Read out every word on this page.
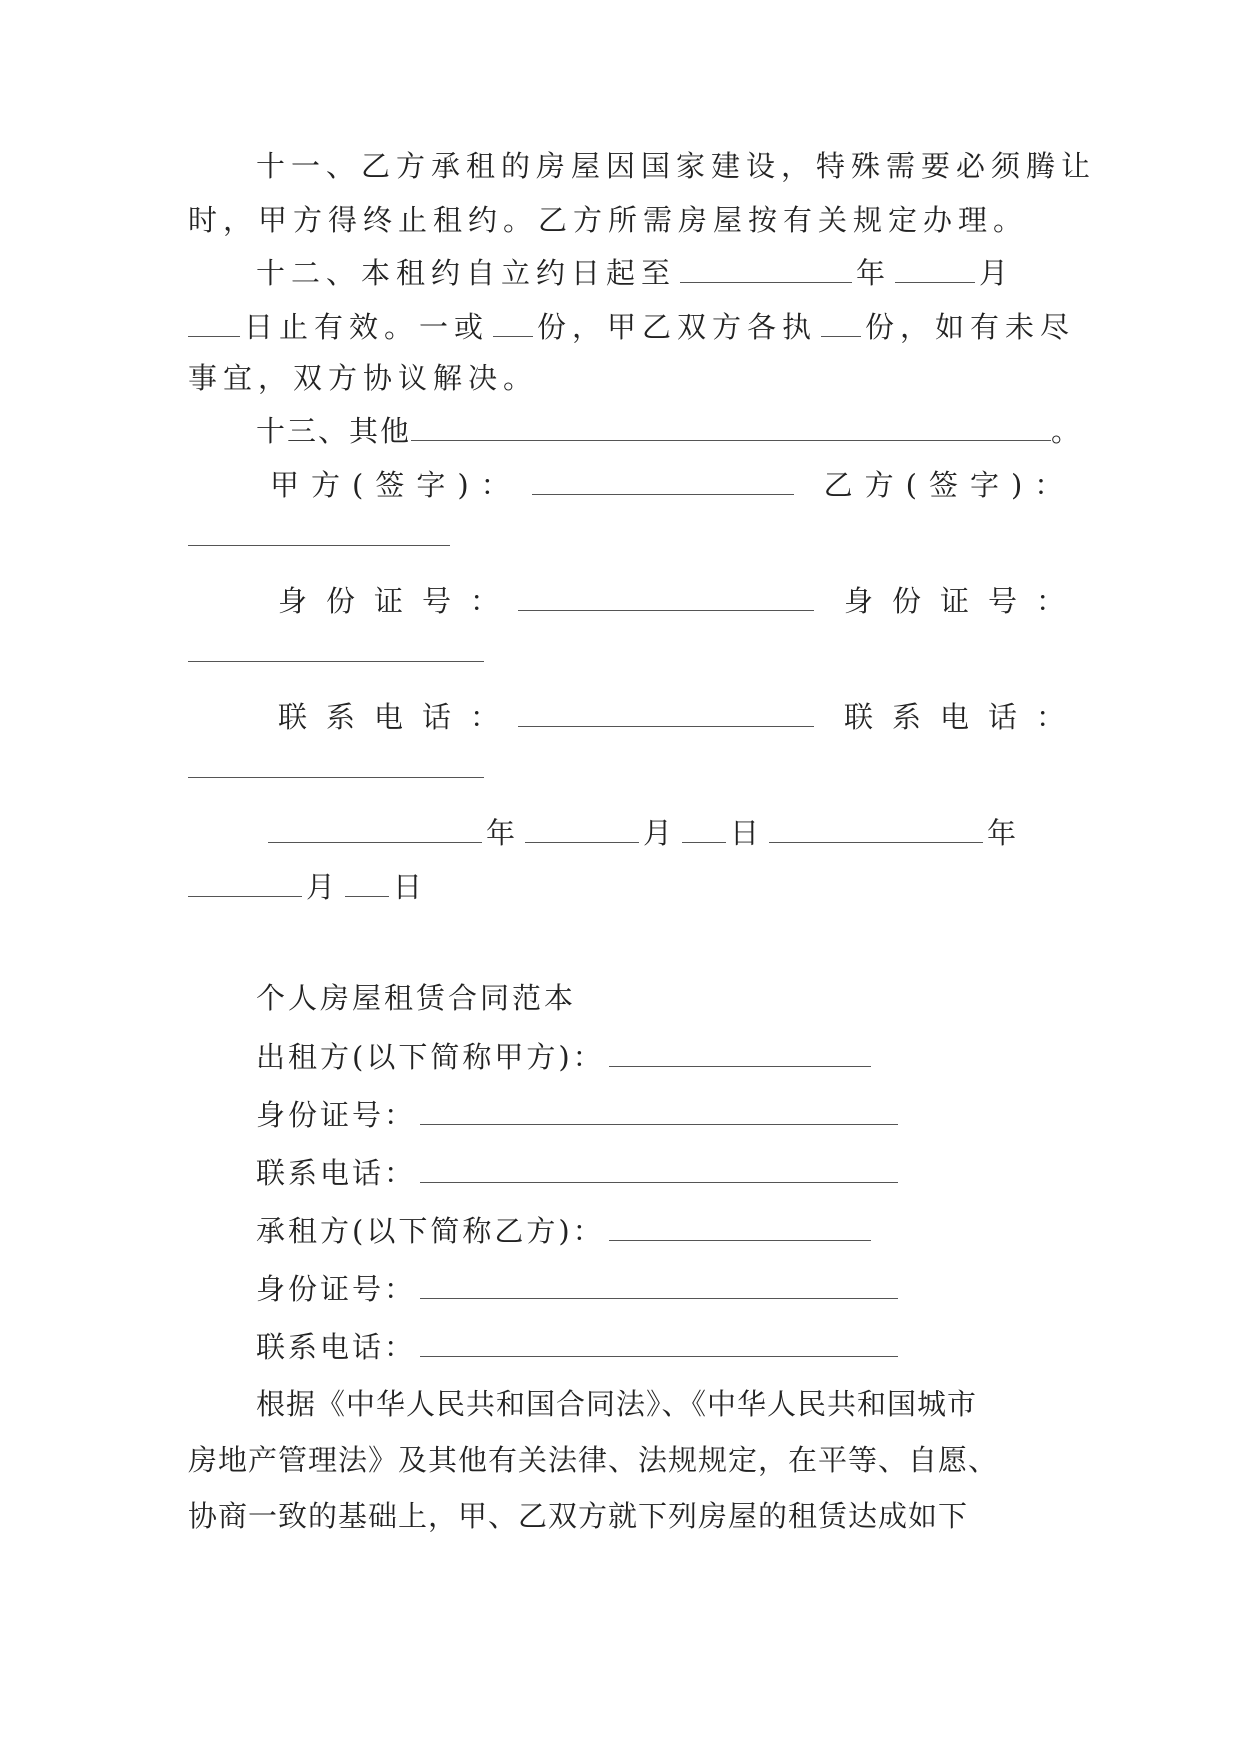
十一、乙方承租的房屋因国家建设，特殊需要必须腾让
时，甲方得终止租约。乙方所需房屋按有关规定办理。
十二、本租约自立约日起至	年	月
日止有效。一或 份，甲乙双方各执 份，如有未尽
事宜，双方协议解决。
十三、其他	。
甲方(签字)：	乙方(签字)：
身份证号：	身份证号：
联系电话：	联系电话：
年	月 日	年
月 日
个人房屋租赁合同范本
出租方(以下简称甲方)：
身份证号：
联系电话：
承租方(以下简称乙方)：
身份证号：
联系电话：
根据《中华人民共和国合同法》、《中华人民共和国城市
房地产管理法》及其他有关法律、法规规定，在平等、自愿、
协商一致的基础上，甲、乙双方就下列房屋的租赁达成如下
